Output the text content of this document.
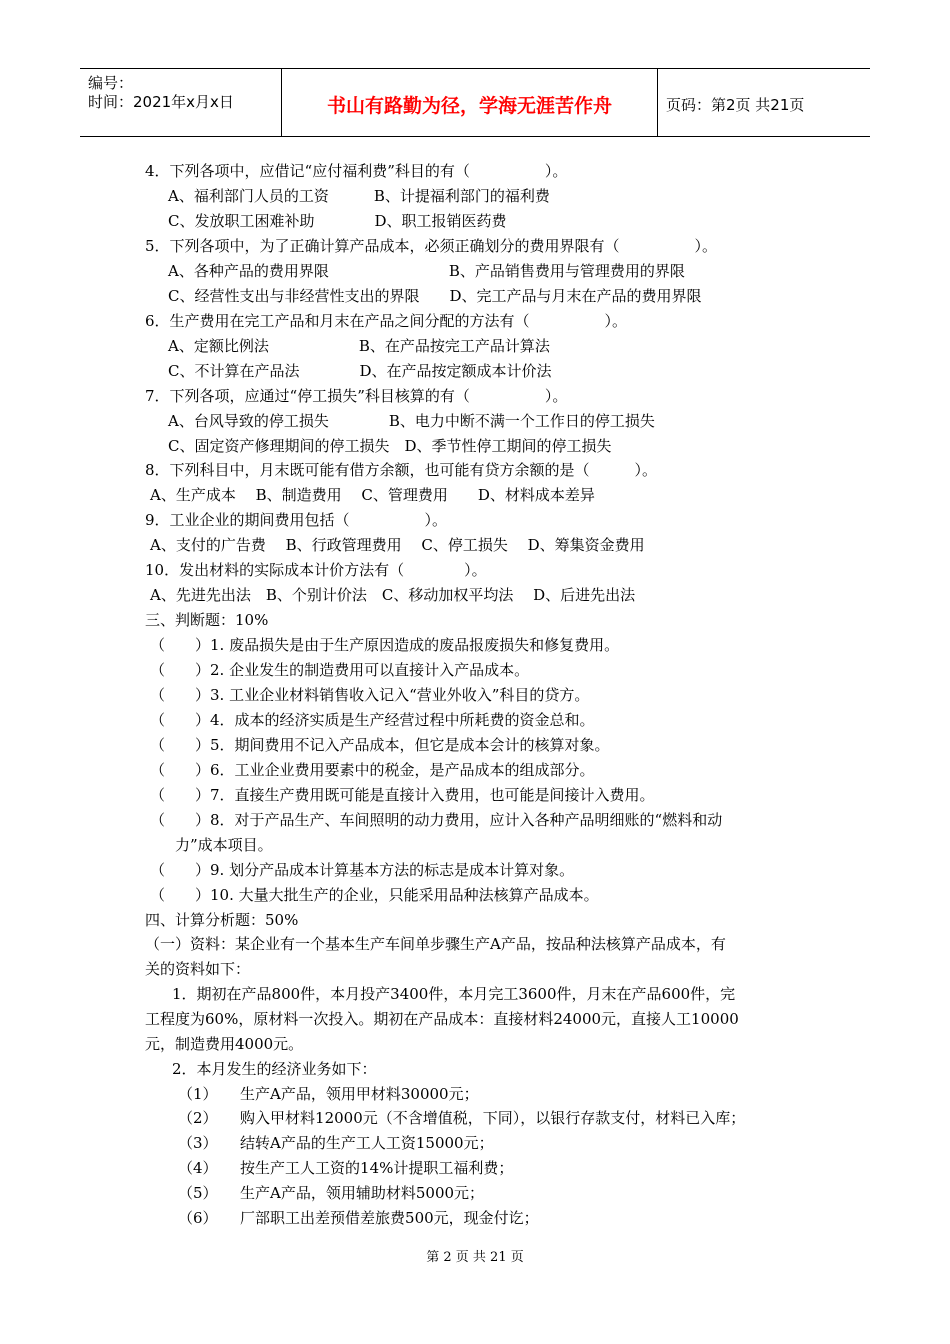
编号：
时间：2021年x月x日	书山有路勤为径，学海无涯苦作舟	页码：第2页 共21页
4．下列各项中，应借记“应付福利费”科目的有（　　　　　）。
A、福利部门人员的工资　　　B、计提福利部门的福利费
C、发放职工困难补助　　　　D、职工报销医药费
5．下列各项中，为了正确计算产品成本，必须正确划分的费用界限有（　　　　　）。
A、各种产品的费用界限　　　　　　　　B、产品销售费用与管理费用的界限
C、经营性支出与非经营性支出的界限　　D、完工产品与月末在产品的费用界限
6．生产费用在完工产品和月末在产品之间分配的方法有（　　　　　）。
A、定额比例法　　　　　　B、在产品按完工产品计算法
C、不计算在产品法　　　　D、在产品按定额成本计价法
7．下列各项，应通过“停工损失”科目核算的有（　　　　　）。
A、台风导致的停工损失　　　　B、电力中断不满一个工作日的停工损失
C、固定资产修理期间的停工损失　D、季节性停工期间的停工损失
8．下列科目中，月末既可能有借方余额，也可能有贷方余额的是（　　　）。
A、生产成本　 B、制造费用　 C、管理费用　　D、材料成本差异
9．工业企业的期间费用包括（　　　　　）。
A、支付的广告费　 B、行政管理费用　 C、停工损失　 D、筹集资金费用
10．发出材料的实际成本计价方法有（　　　　）。
A、先进先出法　B、个别计价法　C、移动加权平均法　 D、后进先出法
三、判断题：10%
（　　）1. 废品损失是由于生产原因造成的废品报废损失和修复费用。
（　　）2. 企业发生的制造费用可以直接计入产品成本。
（　　）3. 工业企业材料销售收入记入“营业外收入”科目的贷方。
（　　）4．成本的经济实质是生产经营过程中所耗费的资金总和。
（　　）5．期间费用不记入产品成本，但它是成本会计的核算对象。
（　　）6．工业企业费用要素中的税金，是产品成本的组成部分。
（　　）7．直接生产费用既可能是直接计入费用，也可能是间接计入费用。
（　　）8．对于产品生产、车间照明的动力费用，应计入各种产品明细账的“燃料和动
力”成本项目。
（　　）9. 划分产品成本计算基本方法的标志是成本计算对象。
（　　）10. 大量大批生产的企业，只能采用品种法核算产品成本。
四、计算分析题：50%
（一）资料：某企业有一个基本生产车间单步骤生产A产品，按品种法核算产品成本，有
关的资料如下：
1．期初在产品800件，本月投产3400件，本月完工3600件，月末在产品600件，完
工程度为60%，原材料一次投入。期初在产品成本：直接材料24000元，直接人工10000
元，制造费用4000元。
2．本月发生的经济业务如下：
（1）　　生产A产品，领用甲材料30000元；
（2）　　购入甲材料12000元（不含增值税，下同），以银行存款支付，材料已入库；
（3）　　结转A产品的生产工人工资15000元；
（4）　　按生产工人工资的14%计提职工福利费；
（5）　　生产A产品，领用辅助材料5000元；
（6）　　厂部职工出差预借差旅费500元，现金付讫；
第 2 页 共 21 页
